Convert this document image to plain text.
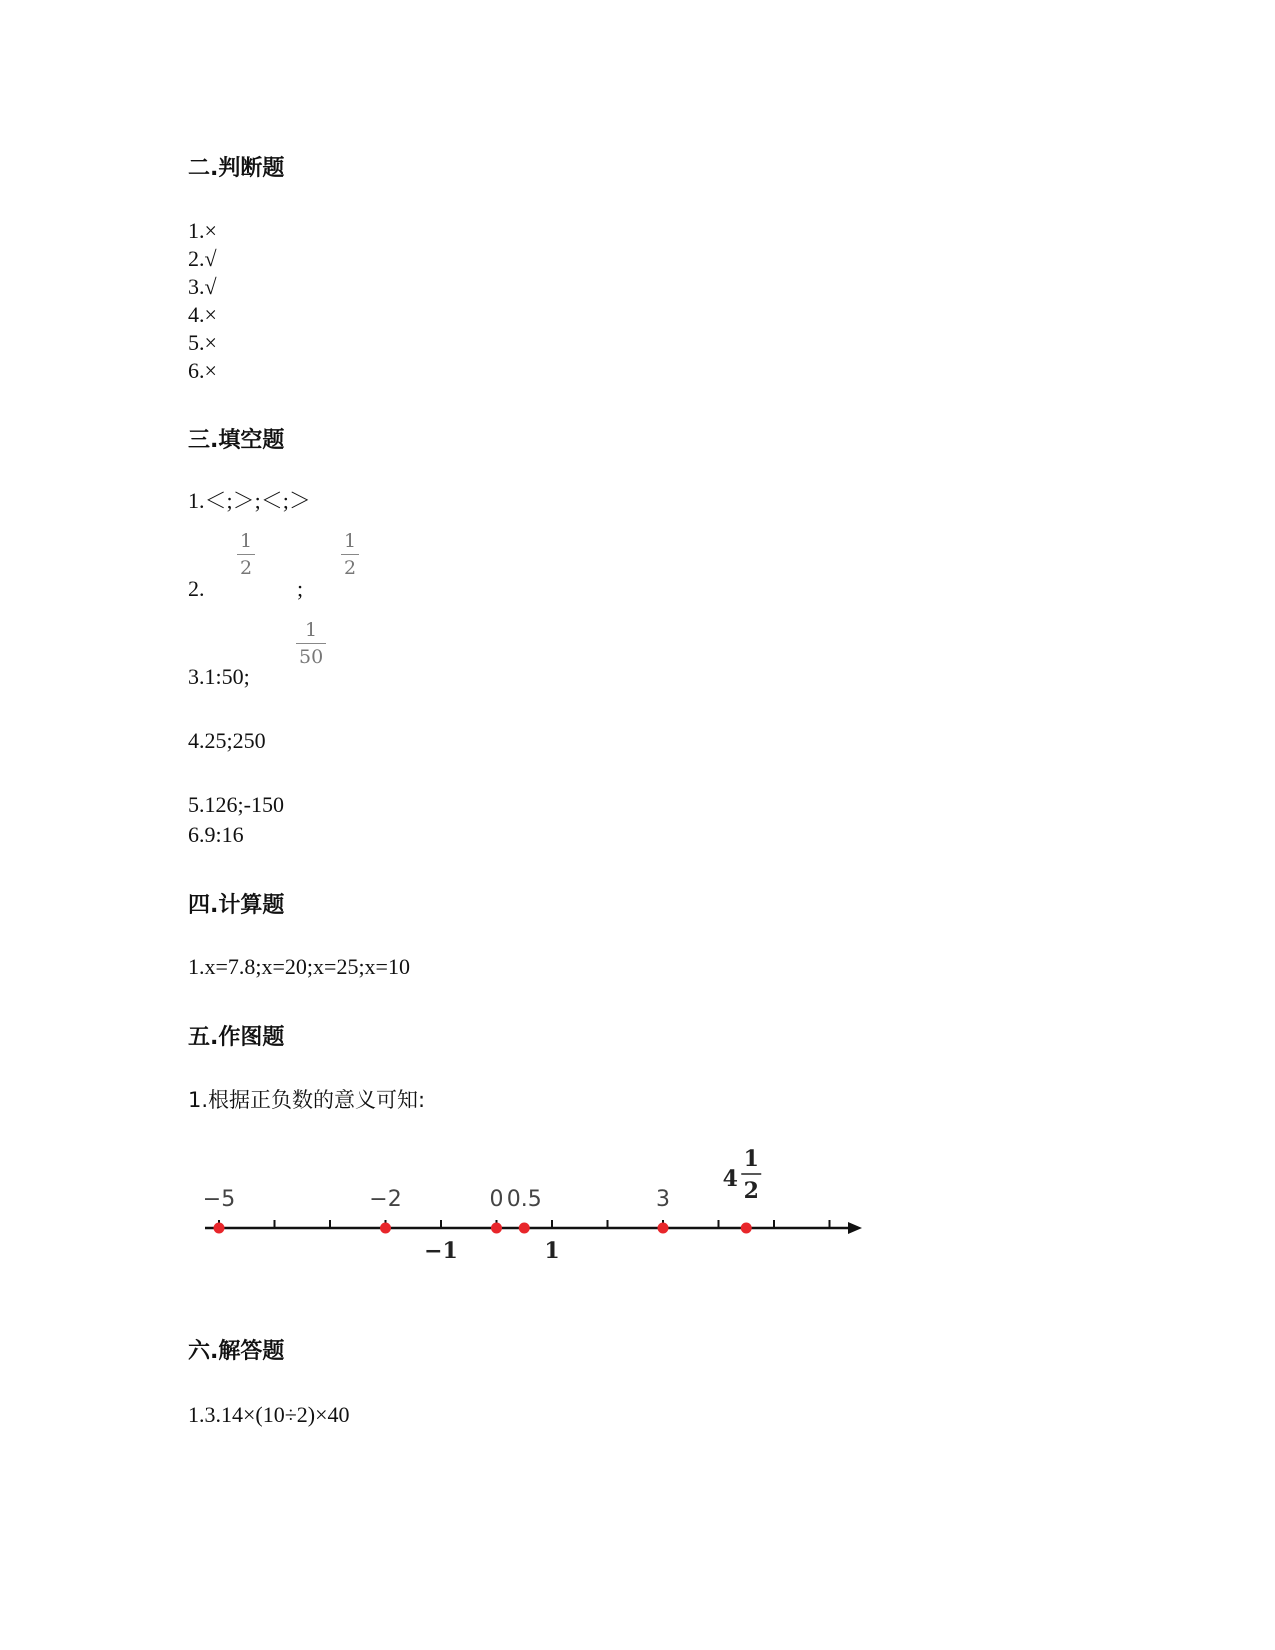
二.判断题
1.×
2.√
3.√
4.×
5.×
6.×
三.填空题
1.＜;＞;＜;＞
2.
1
2
;
1
2
3.1:50;
1
50
4.25;250
5.126;-150
6.9:16
四.计算题
1.x=7.8;x=20;x=25;x=10
五.作图题
1.根据正负数的意义可知:
−5	−2	0 0.5	3
−1	1
4
1
2
六.解答题
1.3.14×(10÷2)×40
